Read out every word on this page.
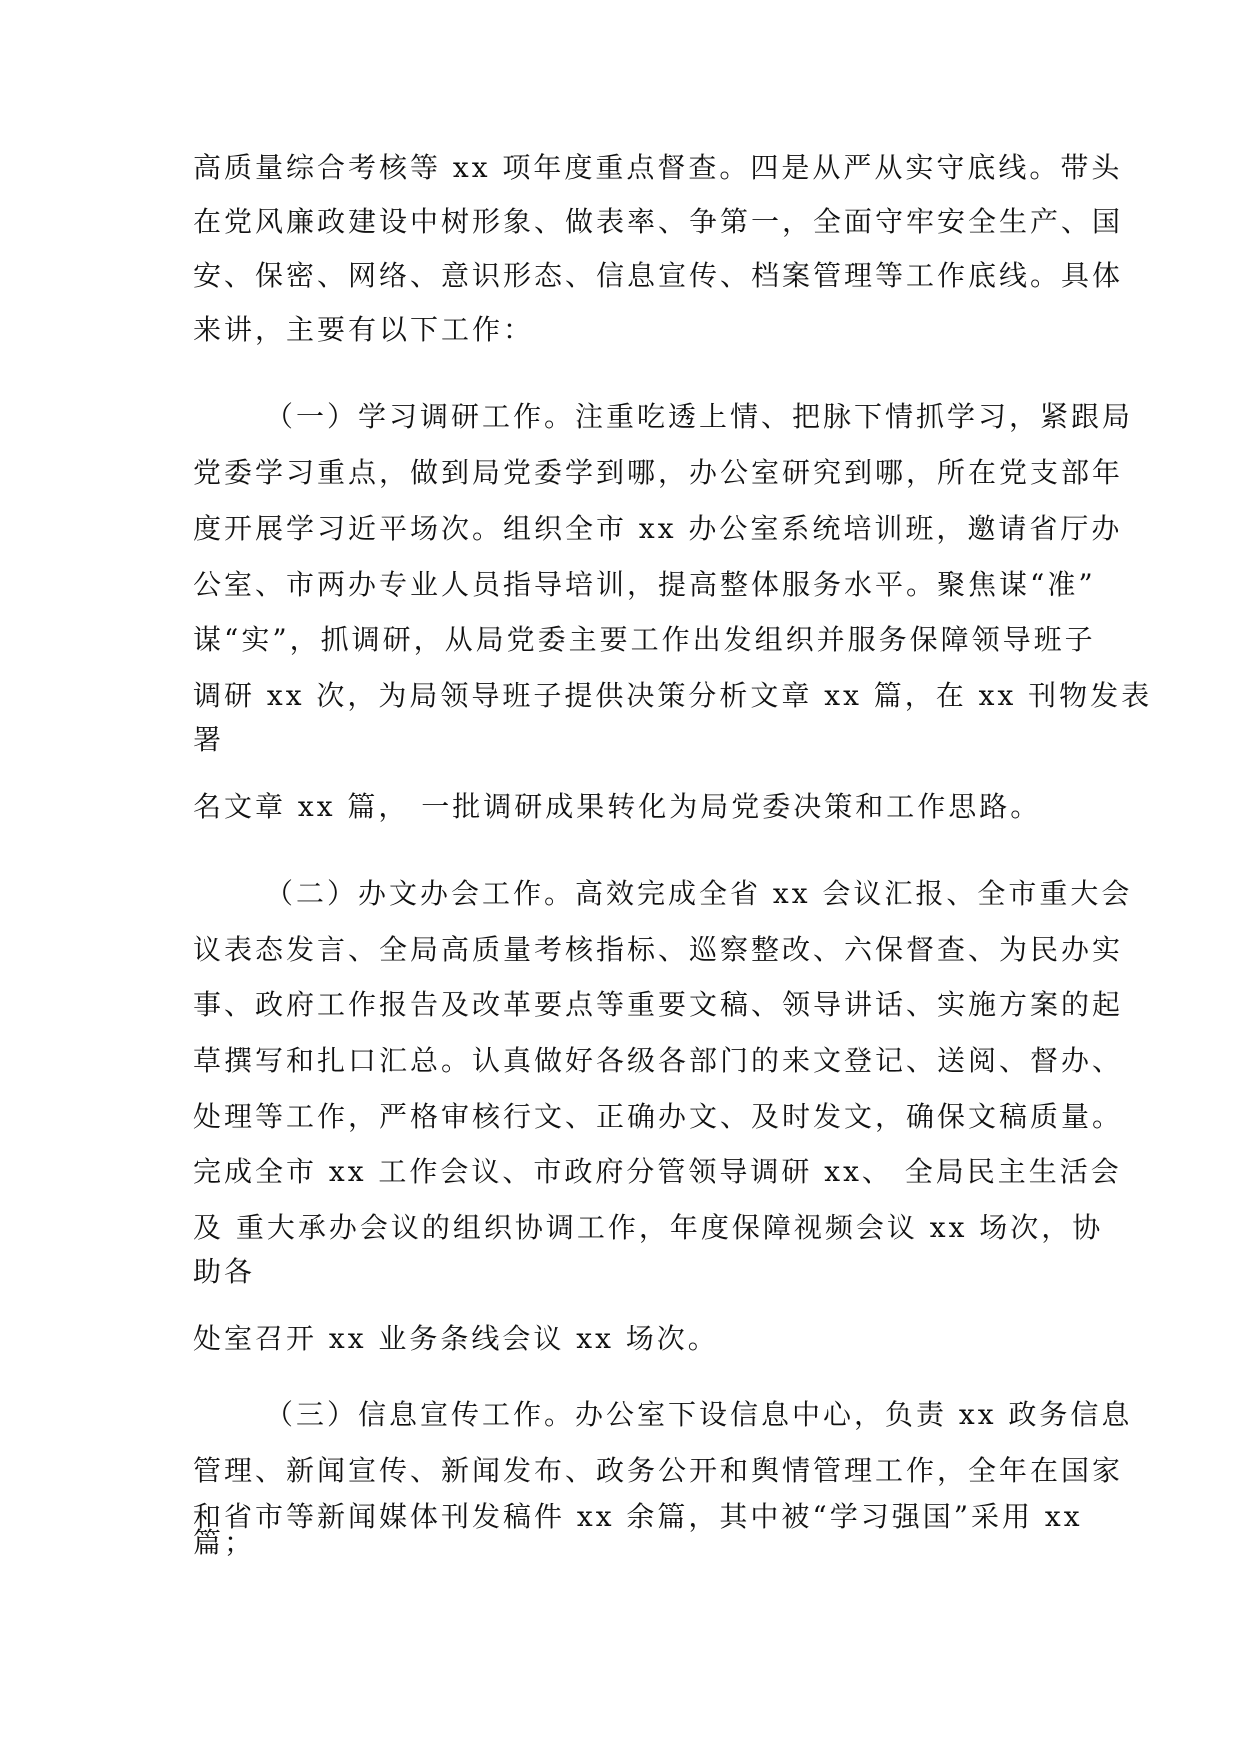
高质量综合考核等 xx 项年度重点督查。四是从严从实守底线。带头
在党风廉政建设中树形象、做表率、争第一，全面守牢安全生产、国
安、保密、网络、意识形态、信息宣传、档案管理等工作底线。具体
来讲，主要有以下工作：
（一）学习调研工作。注重吃透上情、把脉下情抓学习，紧跟局
党委学习重点，做到局党委学到哪，办公室研究到哪，所在党支部年
度开展学习近平场次。组织全市 xx 办公室系统培训班，邀请省厅办
公室、市两办专业人员指导培训，提高整体服务水平。聚焦谋“准”
谋“实”，抓调研，从局党委主要工作出发组织并服务保障领导班子
调研 xx 次，为局领导班子提供决策分析文章 xx 篇，在 xx 刊物发表
署
名文章 xx 篇， 一批调研成果转化为局党委决策和工作思路。
（二）办文办会工作。高效完成全省 xx 会议汇报、全市重大会
议表态发言、全局高质量考核指标、巡察整改、六保督查、为民办实
事、政府工作报告及改革要点等重要文稿、领导讲话、实施方案的起
草撰写和扎口汇总。认真做好各级各部门的来文登记、送阅、督办、
处理等工作，严格审核行文、正确办文、及时发文，确保文稿质量。
完成全市 xx 工作会议、市政府分管领导调研 xx、 全局民主生活会
及 重大承办会议的组织协调工作，年度保障视频会议 xx 场次，协
助各
处室召开 xx 业务条线会议 xx 场次。
（三）信息宣传工作。办公室下设信息中心，负责 xx 政务信息
管理、新闻宣传、新闻发布、政务公开和舆情管理工作，全年在国家
和省市等新闻媒体刊发稿件 xx 余篇，其中被“学习强国”采用 xx
篇；
